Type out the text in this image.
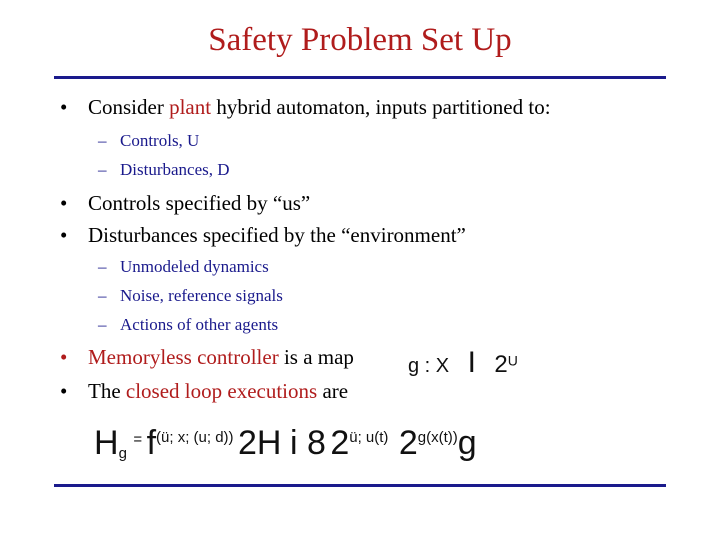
Safety Problem Set Up
• Consider plant hybrid automaton, inputs partitioned to:
– Controls, U
– Disturbances, D
• Controls specified by “us”
• Disturbances specified by the “environment”
– Unmodeled dynamics
– Noise, reference signals
– Actions of other agents
• Memoryless controller is a map
• The closed loop executions are
g : X I $2^U$
Hg = f(ü; x; (u; d)) 2H i 8 2ü; u(t) 2g(x(t))g
